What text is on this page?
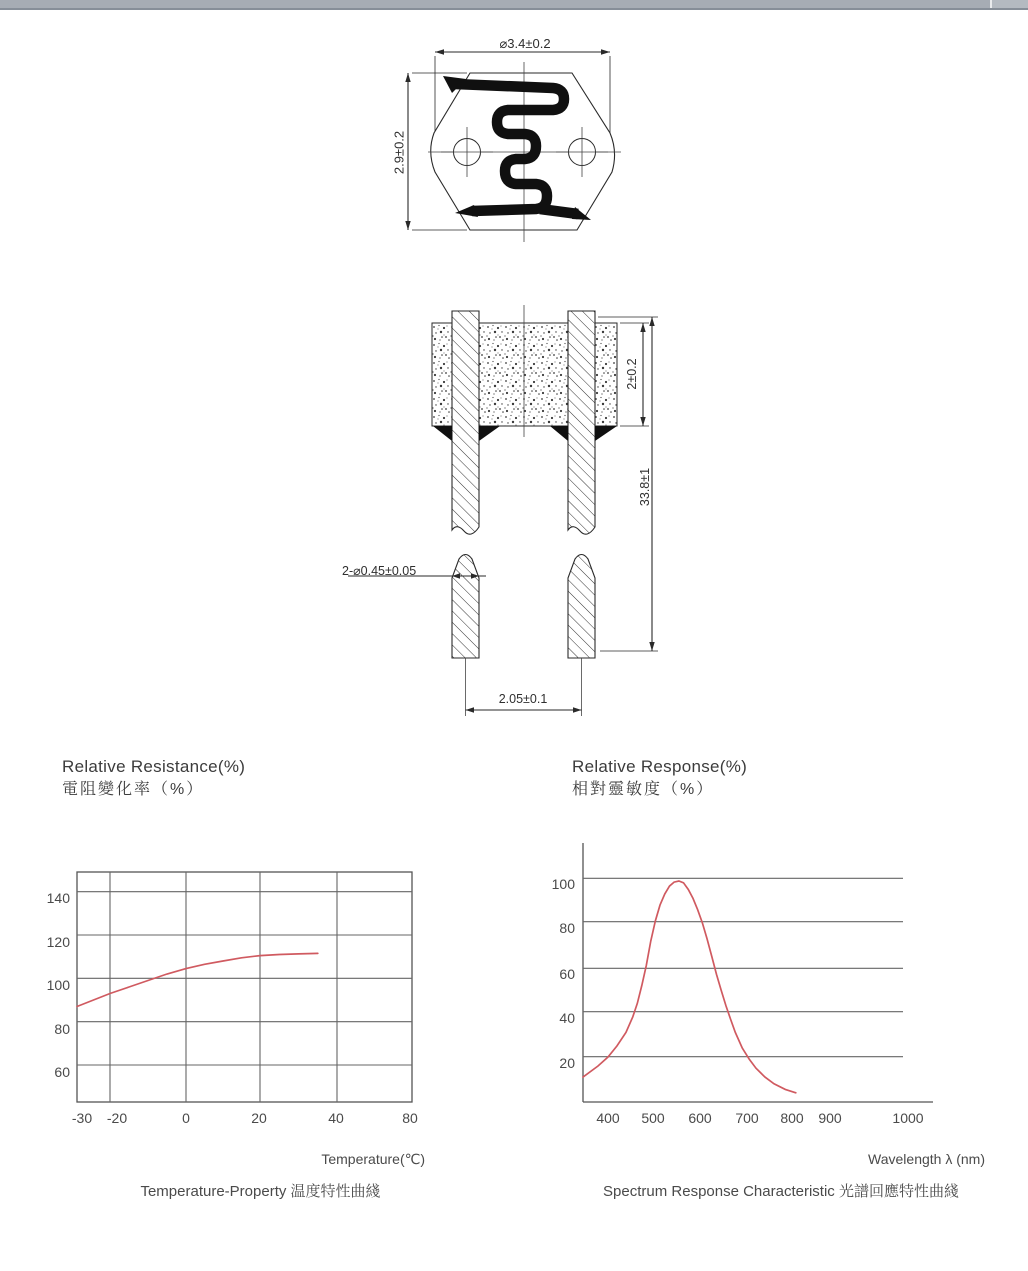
⌀3.4±0.2
2.9±0.2
2±0.2
33.8±1
2-⌀0.45±0.05
2.05±0.1
Relative Resistance(%)
電阻變化率（%）
140
120
100
80
60
-30	-20	0	20	40	80
Temperature(℃)
Temperature-Property 温度特性曲綫
Relative Response(%)
相對靈敏度（%）
100
80
60
40
20
400	500	600	700	800	900	1000
Wavelength λ (nm)
Spectrum Response Characteristic 光譜回應特性曲綫
